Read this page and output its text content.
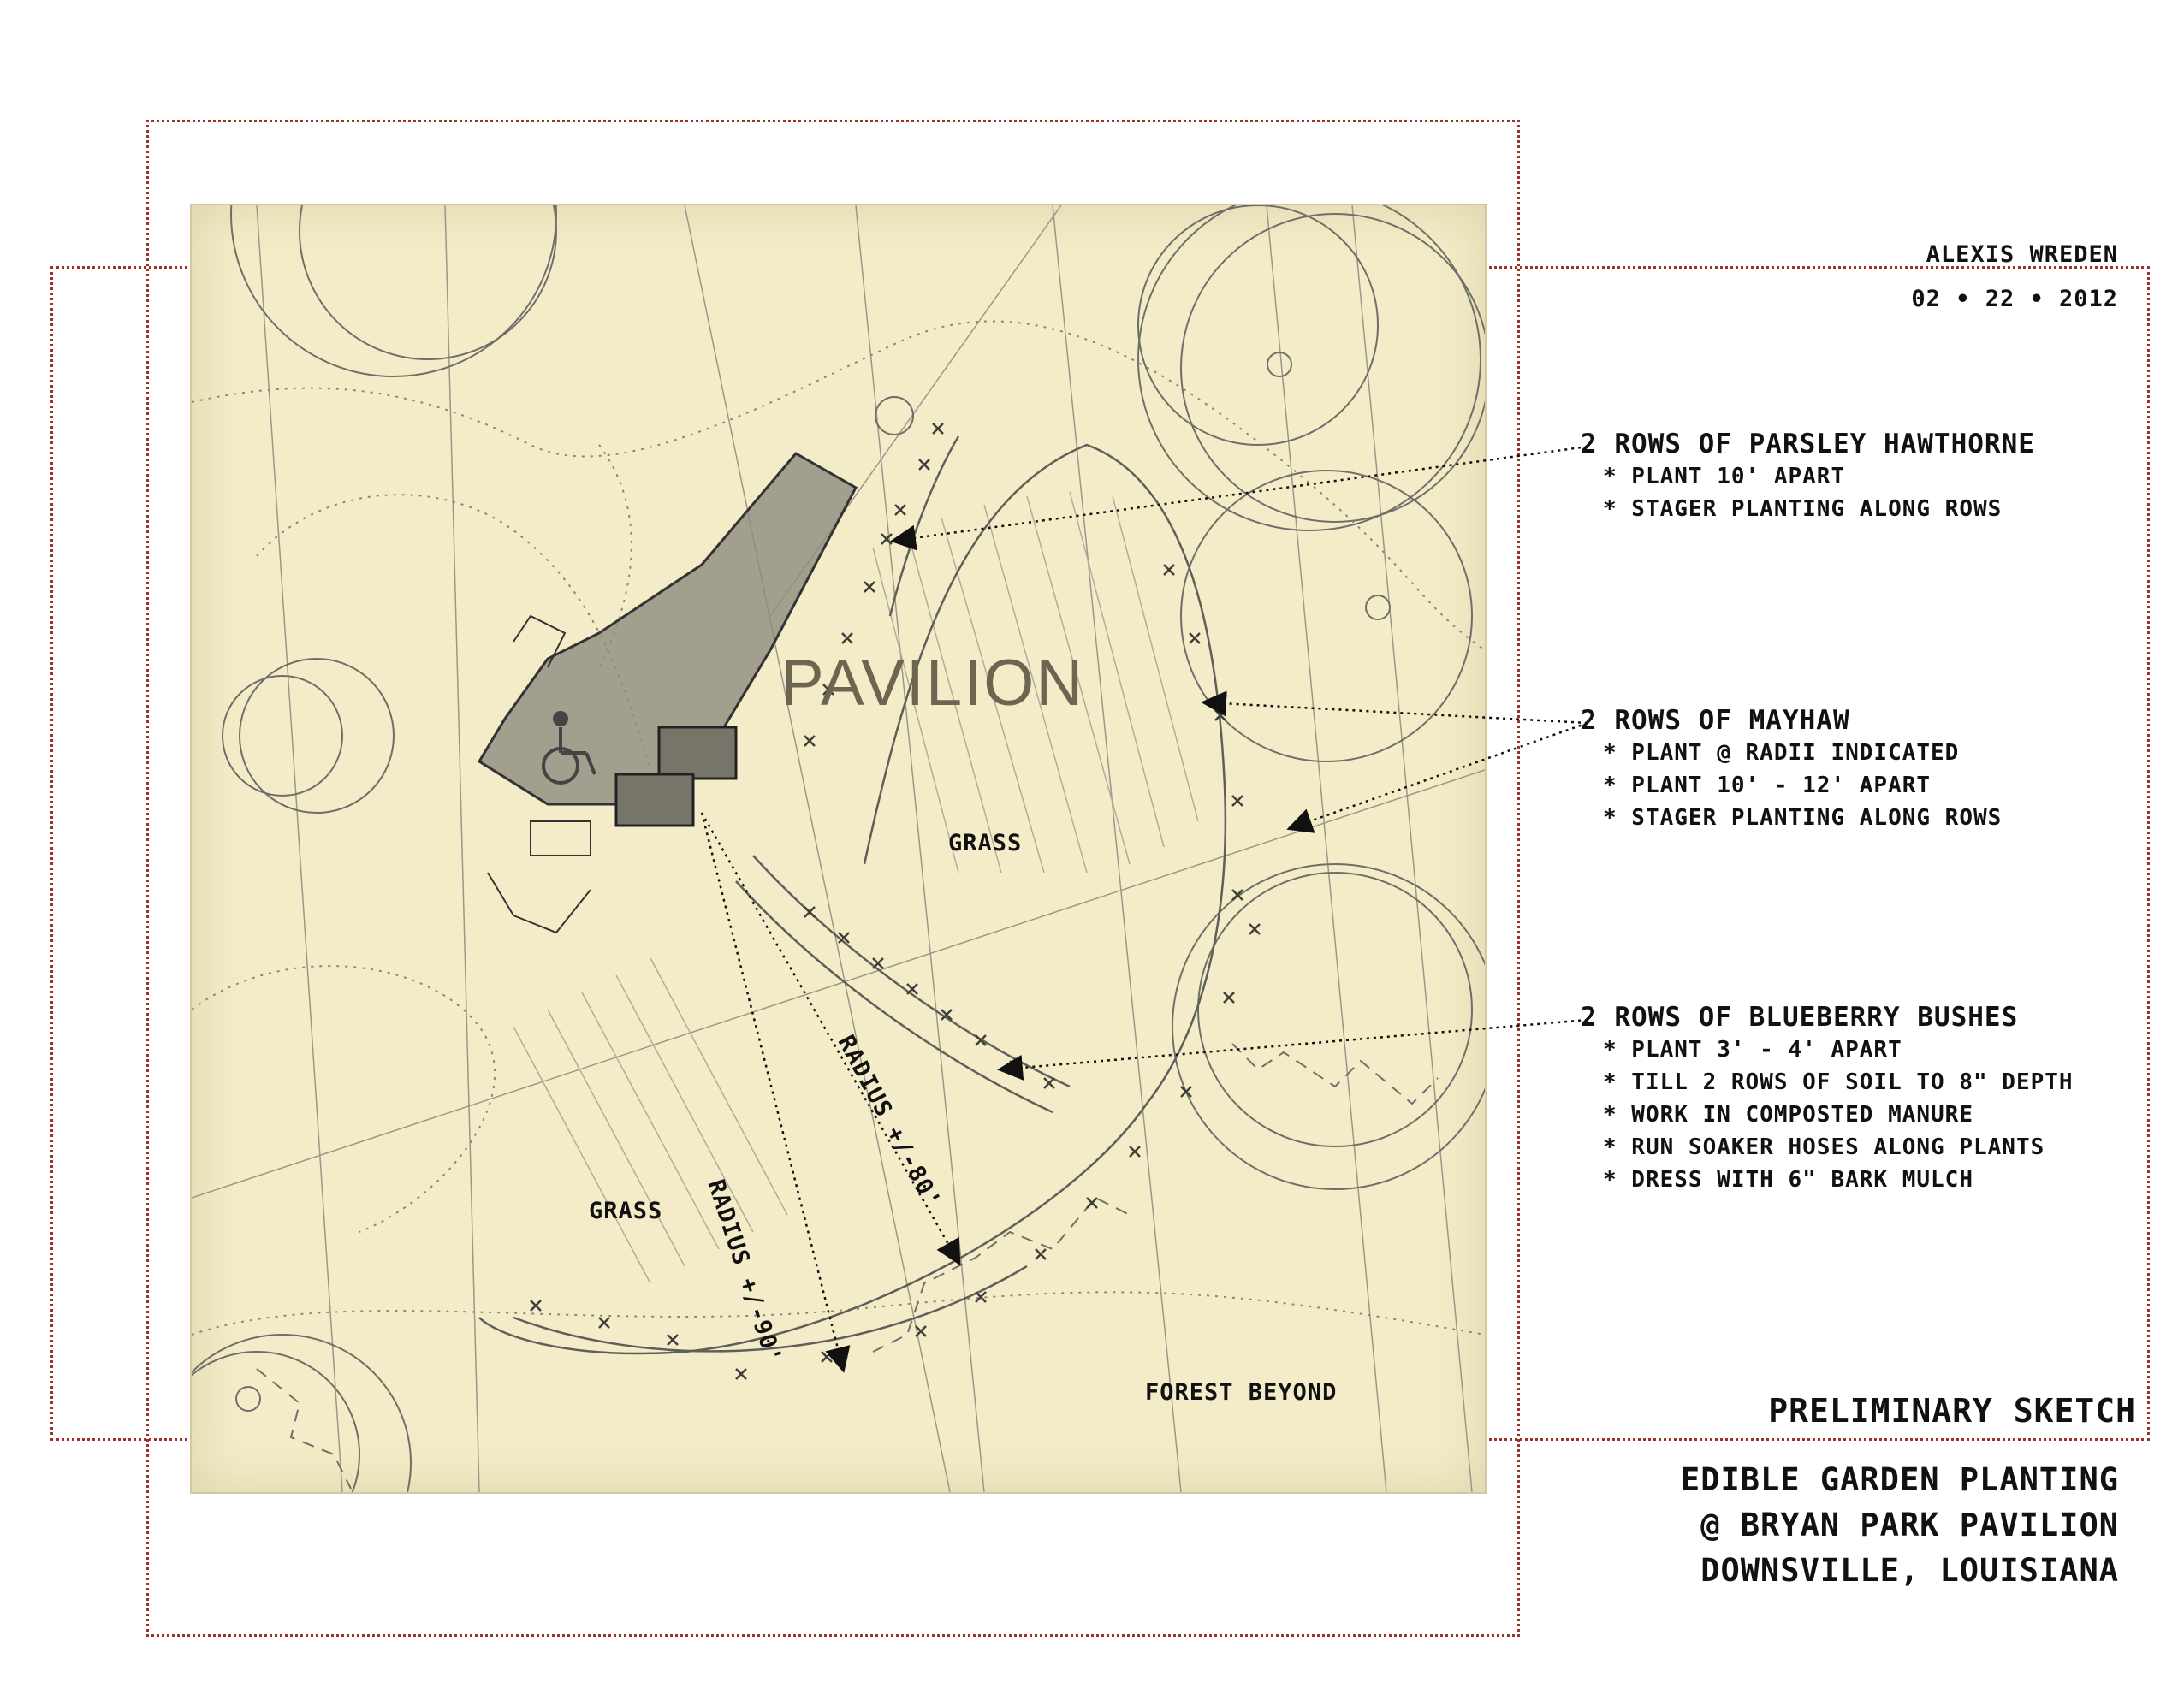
PAVILION
GRASS
GRASS
FOREST BEYOND
RADIUS +/-90'
RADIUS +/-80'
ALEXIS WREDEN
02 • 22 • 2012
2 ROWS OF PARSLEY HAWTHORNE
* PLANT 10' APART
* STAGER PLANTING ALONG ROWS
2 ROWS OF MAYHAW
* PLANT @ RADII INDICATED
* PLANT 10' - 12' APART
* STAGER PLANTING ALONG ROWS
2 ROWS OF BLUEBERRY BUSHES
* PLANT 3' - 4' APART
* TILL 2 ROWS OF SOIL TO 8" DEPTH
* WORK IN COMPOSTED MANURE
* RUN SOAKER HOSES ALONG PLANTS
* DRESS WITH 6" BARK MULCH
PRELIMINARY SKETCH
EDIBLE GARDEN PLANTING
@ BRYAN PARK PAVILION
DOWNSVILLE, LOUISIANA
